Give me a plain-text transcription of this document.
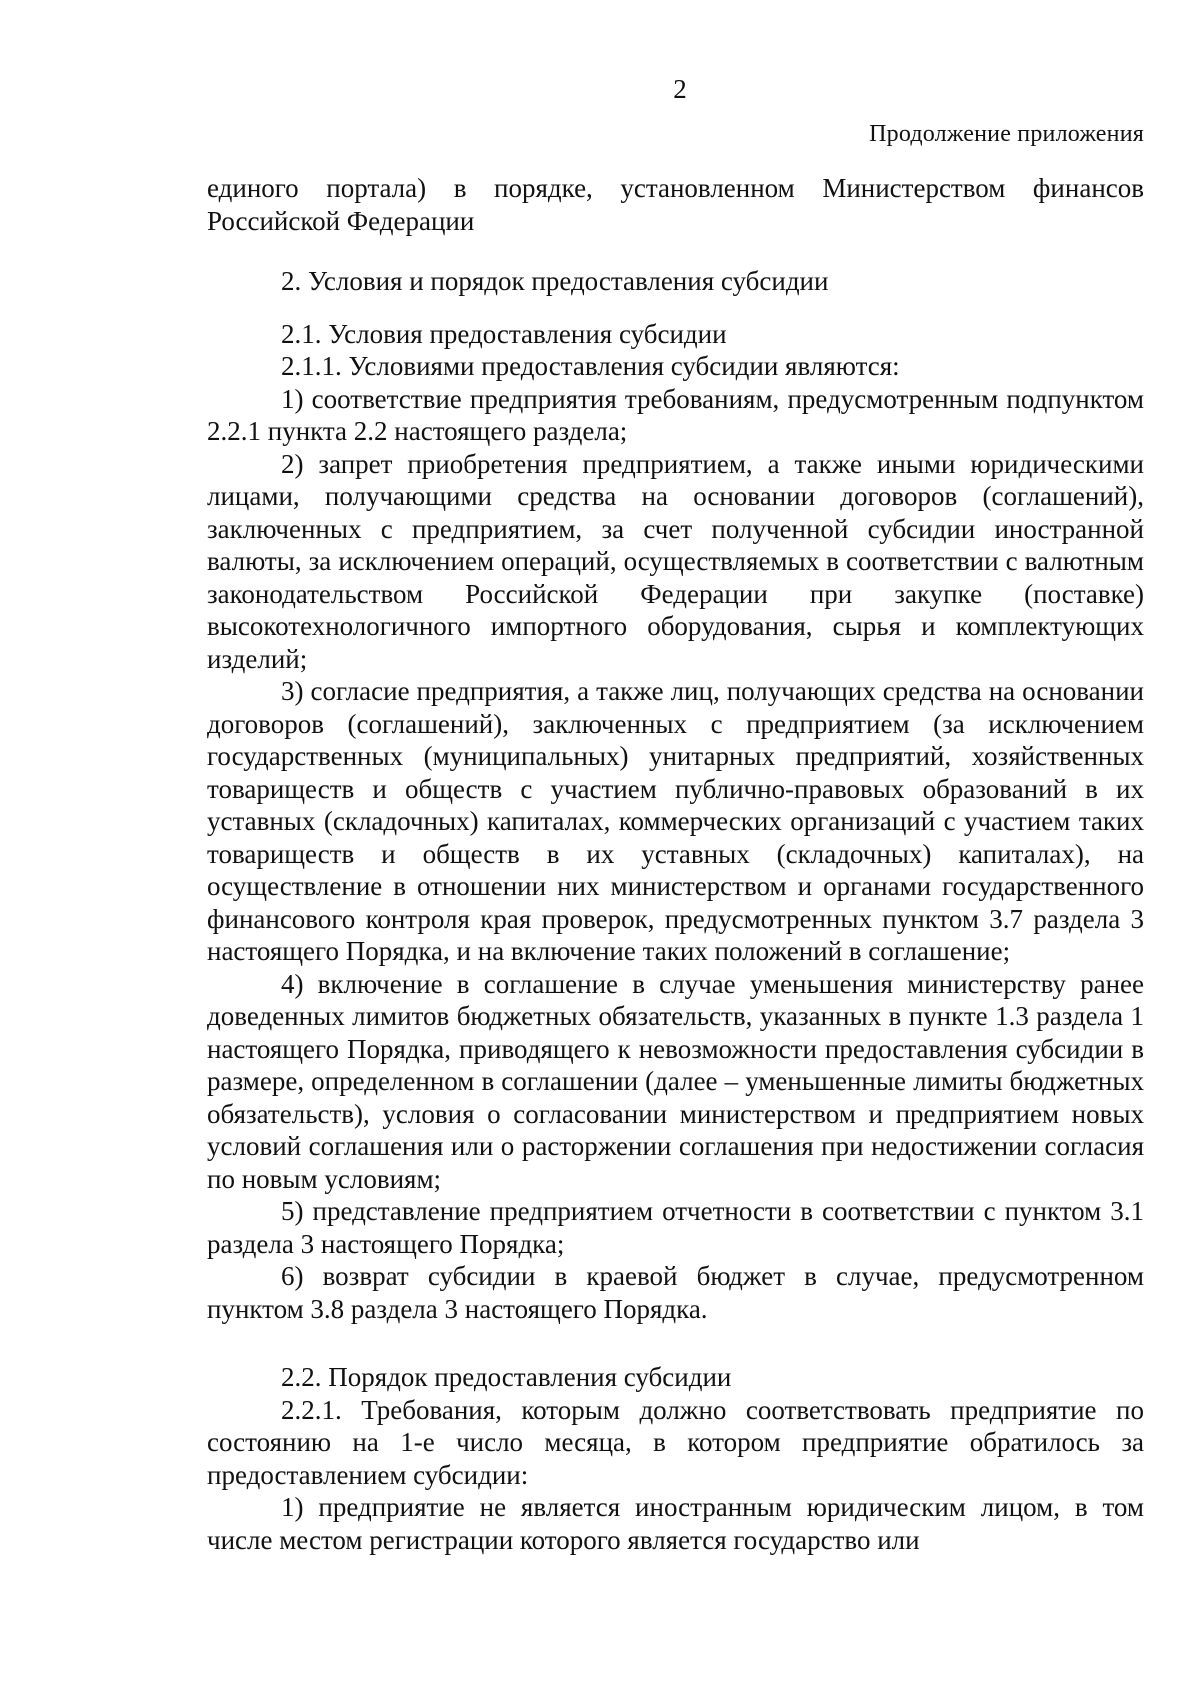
2
Продолжение приложения

единого портала) в порядке, установленном Министерством финансов Российской Федерации

2. Условия и порядок предоставления субсидии

2.1. Условия предоставления субсидии

2.1.1. Условиями предоставления субсидии являются:

1) соответствие предприятия требованиям, предусмотренным подпунктом 2.2.1 пункта 2.2 настоящего раздела;

2) запрет приобретения предприятием, а также иными юридическими лицами, получающими средства на основании договоров (соглашений), заключенных с предприятием, за счет полученной субсидии иностранной валюты, за исключением операций, осуществляемых в соответствии с валютным законодательством Российской Федерации при закупке (поставке) высокотехнологичного импортного оборудования, сырья и комплектующих изделий;

3) согласие предприятия, а также лиц, получающих средства на основании договоров (соглашений), заключенных с предприятием (за исключением государственных (муниципальных) унитарных предприятий, хозяйственных товариществ и обществ с участием публично-правовых образований в их уставных (складочных) капиталах, коммерческих организаций с участием таких товариществ и обществ в их уставных (складочных) капиталах), на осуществление в отношении них министерством и органами государственного финансового контроля края проверок, предусмотренных пунктом 3.7 раздела 3 настоящего Порядка, и на включение таких положений в соглашение;

4) включение в соглашение в случае уменьшения министерству ранее доведенных лимитов бюджетных обязательств, указанных в пункте 1.3 раздела 1 настоящего Порядка, приводящего к невозможности предоставления субсидии в размере, определенном в соглашении (далее – уменьшенные лимиты бюджетных обязательств), условия о согласовании министерством и предприятием новых условий соглашения или о расторжении соглашения при недостижении согласия по новым условиям;

5) представление предприятием отчетности в соответствии с пунктом 3.1 раздела 3 настоящего Порядка;

6) возврат субсидии в краевой бюджет в случае, предусмотренном пунктом 3.8 раздела 3 настоящего Порядка.

2.2. Порядок предоставления субсидии

2.2.1. Требования, которым должно соответствовать предприятие по состоянию на 1-е число месяца, в котором предприятие обратилось за предоставлением субсидии:

1) предприятие не является иностранным юридическим лицом, в том числе местом регистрации которого является государство или
